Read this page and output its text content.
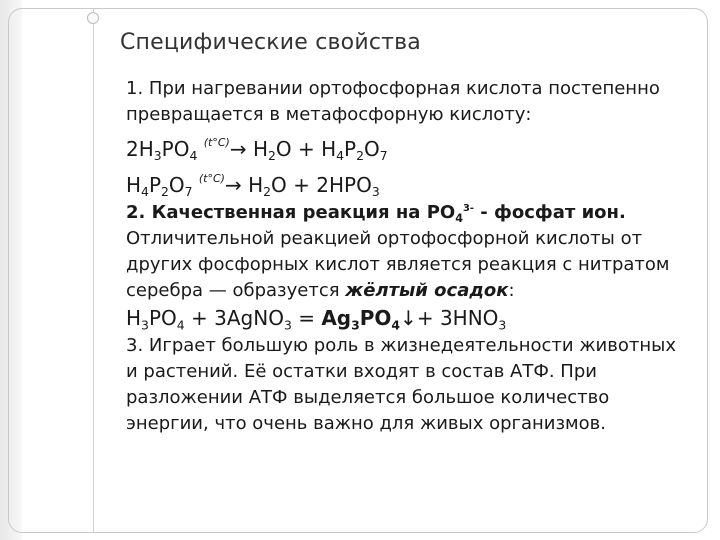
Специфические свойства

1. При нагревании ортофосфорная кислота постепенно превращается в метафосфорную кислоту:

$2H_3PO_4$ $^{(t^\circ C)}\to H_2O + H_4P_2O_7$

$H_4P_2O_7$ $^{(t^\circ C)}\to H_2O + 2HPO_3$

2. Качественная реакция на $PO_4^{3-}$ - фосфат ион.

Отличительной реакцией ортофосфорной кислоты от других фосфорных кислот является реакция с нитратом серебра — образуется жёлтый осадок:

$H_3PO_4$ + 3AgNO$_3$ = $Ag_3PO_4↓+ 3HNO_3$

3. Играет большую роль в жизнедеятельности животных и растений. Её остатки входят в состав АТФ. При разложении АТФ выделяется большое количество энергии, что очень важно для живых организмов.
